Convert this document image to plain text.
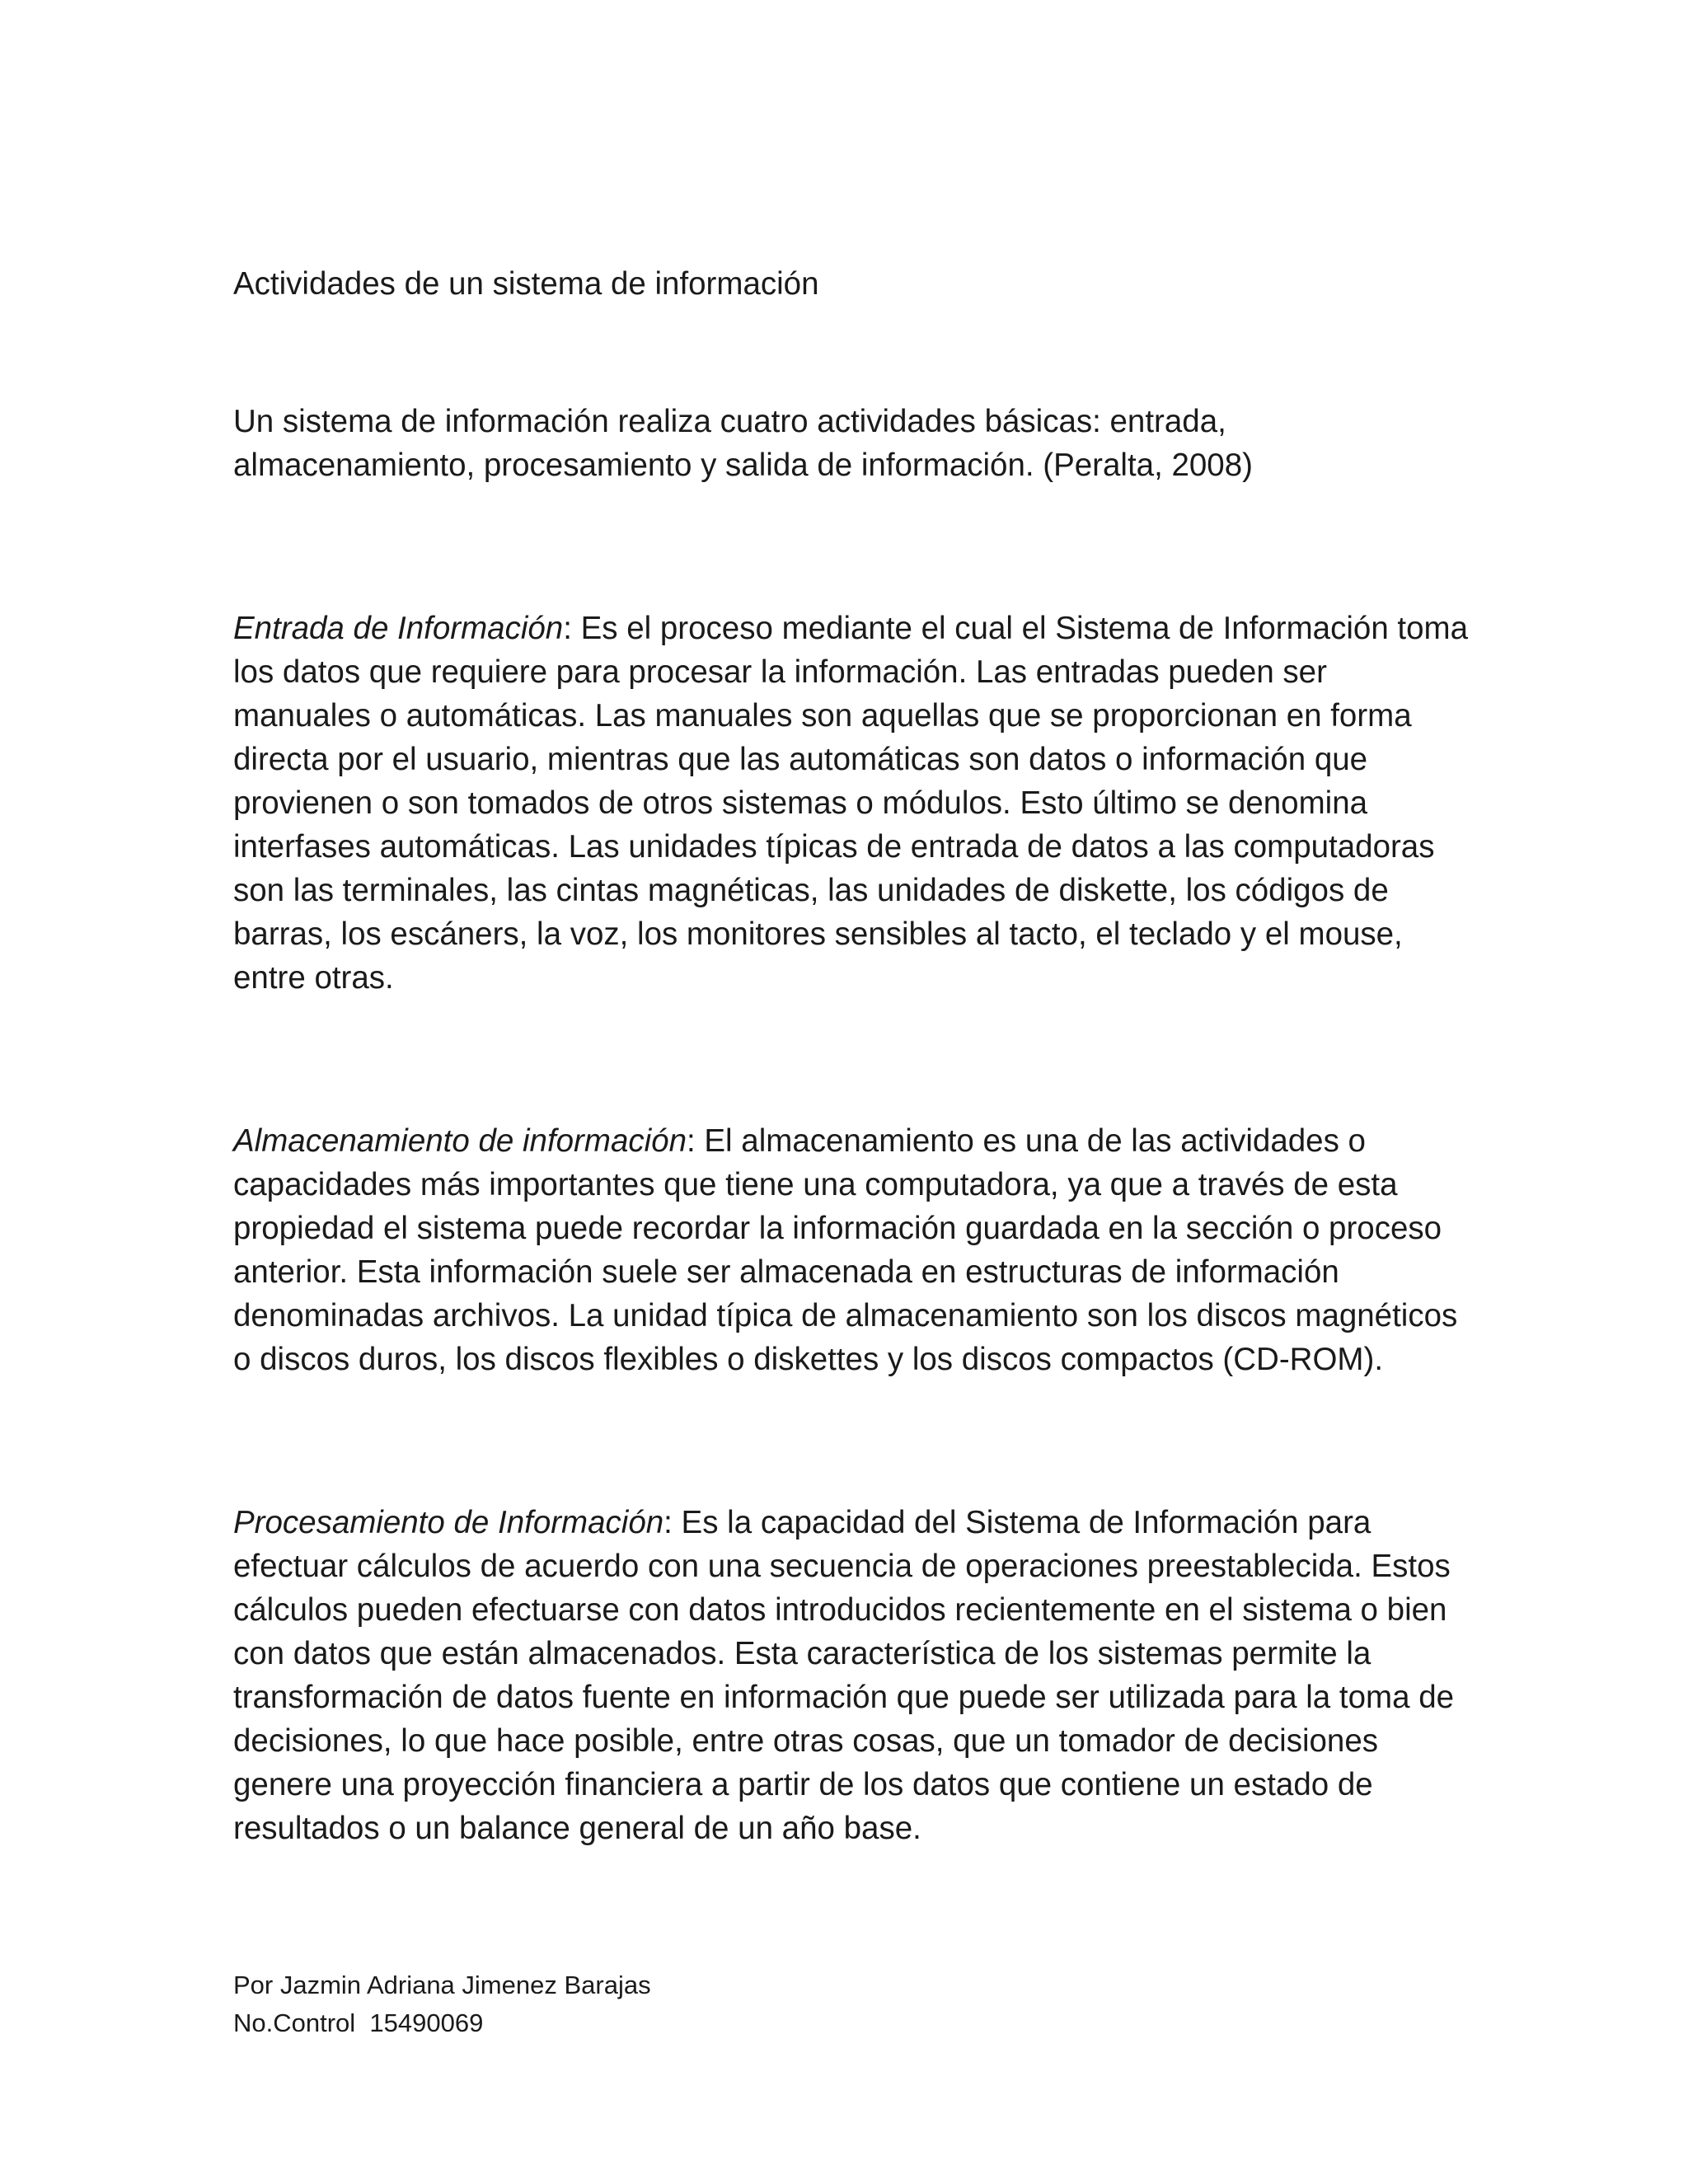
Actividades de un sistema de información

Un sistema de información realiza cuatro actividades básicas: entrada, almacenamiento, procesamiento y salida de información. (Peralta, 2008)

Entrada de Información: Es el proceso mediante el cual el Sistema de Información toma los datos que requiere para procesar la información. Las entradas pueden ser manuales o automáticas. Las manuales son aquellas que se proporcionan en forma directa por el usuario, mientras que las automáticas son datos o información que provienen o son tomados de otros sistemas o módulos. Esto último se denomina interfases automáticas. Las unidades típicas de entrada de datos a las computadoras son las terminales, las cintas magnéticas, las unidades de diskette, los códigos de barras, los escáners, la voz, los monitores sensibles al tacto, el teclado y el mouse, entre otras.

Almacenamiento de información: El almacenamiento es una de las actividades o capacidades más importantes que tiene una computadora, ya que a través de esta propiedad el sistema puede recordar la información guardada en la sección o proceso anterior. Esta información suele ser almacenada en estructuras de información denominadas archivos. La unidad típica de almacenamiento son los discos magnéticos o discos duros, los discos flexibles o diskettes y los discos compactos (CD-ROM).

Procesamiento de Información: Es la capacidad del Sistema de Información para efectuar cálculos de acuerdo con una secuencia de operaciones preestablecida. Estos cálculos pueden efectuarse con datos introducidos recientemente en el sistema o bien con datos que están almacenados. Esta característica de los sistemas permite la transformación de datos fuente en información que puede ser utilizada para la toma de decisiones, lo que hace posible, entre otras cosas, que un tomador de decisiones genere una proyección financiera a partir de los datos que contiene un estado de resultados o un balance general de un año base.

Por Jazmin Adriana Jimenez Barajas
No.Control  15490069
